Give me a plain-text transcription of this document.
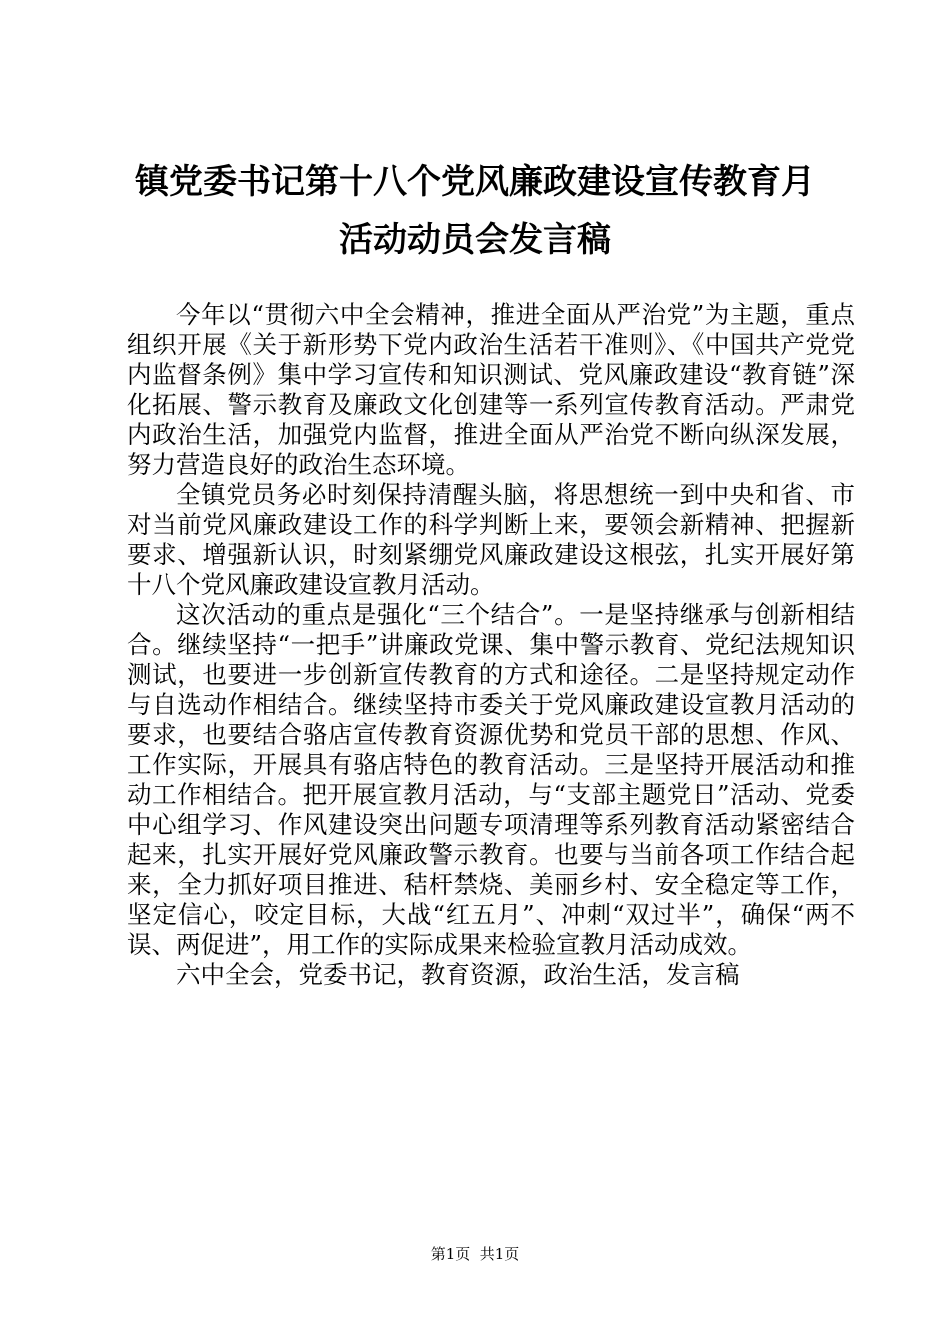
镇党委书记第十八个党风廉政建设宣传教育月
活动动员会发言稿

今年以“贯彻六中全会精神，推进全面从严治党”为主题，重点组织开展《关于新形势下党内政治生活若干准则》、《中国共产党党内监督条例》集中学习宣传和知识测试、党风廉政建设“教育链”深化拓展、警示教育及廉政文化创建等一系列宣传教育活动。严肃党内政治生活，加强党内监督，推进全面从严治党不断向纵深发展，努力营造良好的政治生态环境。

全镇党员务必时刻保持清醒头脑，将思想统一到中央和省、市对当前党风廉政建设工作的科学判断上来，要领会新精神、把握新要求、增强新认识，时刻紧绷党风廉政建设这根弦，扎实开展好第十八个党风廉政建设宣教月活动。

这次活动的重点是强化“三个结合”。一是坚持继承与创新相结合。继续坚持“一把手”讲廉政党课、集中警示教育、党纪法规知识测试，也要进一步创新宣传教育的方式和途径。二是坚持规定动作与自选动作相结合。继续坚持市委关于党风廉政建设宣教月活动的要求，也要结合骆店宣传教育资源优势和党员干部的思想、作风、工作实际，开展具有骆店特色的教育活动。三是坚持开展活动和推动工作相结合。把开展宣教月活动，与“支部主题党日”活动、党委中心组学习、作风建设突出问题专项清理等系列教育活动紧密结合起来，扎实开展好党风廉政警示教育。也要与当前各项工作结合起来，全力抓好项目推进、秸杆禁烧、美丽乡村、安全稳定等工作，坚定信心，咬定目标，大战“红五月”、冲刺“双过半”，确保“两不误、两促进”，用工作的实际成果来检验宣教月活动成效。

六中全会，党委书记，教育资源，政治生活，发言稿

第1页  共1页
